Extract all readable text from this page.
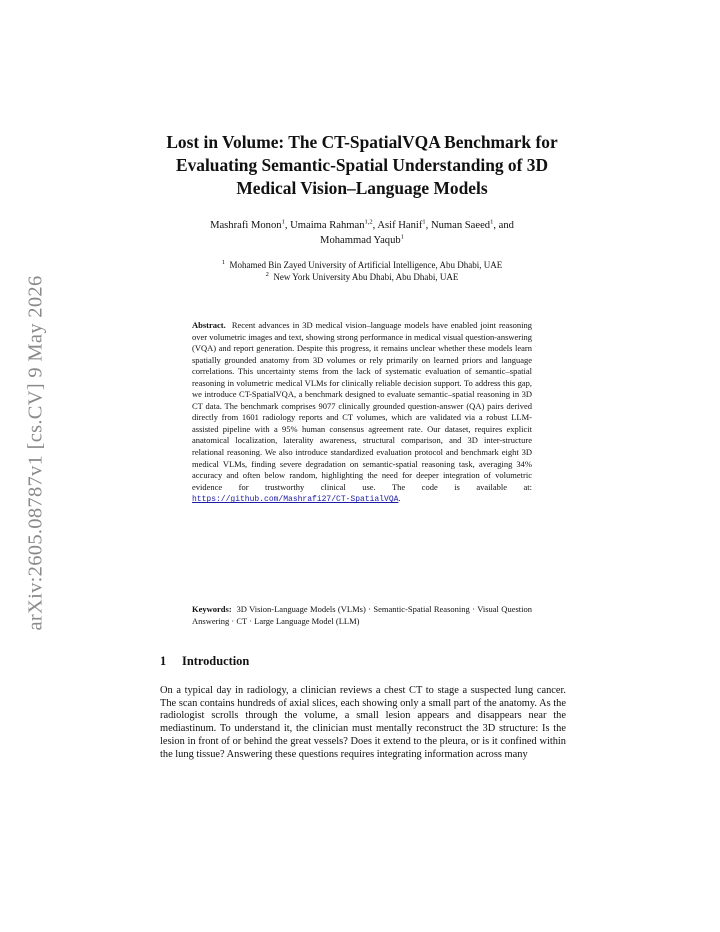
arXiv:2605.08787v1 [cs.CV] 9 May 2026
Lost in Volume: The CT-SpatialVQA Benchmark for Evaluating Semantic-Spatial Understanding of 3D Medical Vision–Language Models
Mashrafi Monon$^1$, Umaima Rahman$^{1,2}$, Asif Hanif$^1$, Numan Saeed$^1$, and
Mohammad Yaqub$^1$
$^1$ Mohamed Bin Zayed University of Artificial Intelligence, Abu Dhabi, UAE
$^2$ New York University Abu Dhabi, Abu Dhabi, UAE

Abstract. Recent advances in 3D medical vision–language models have enabled joint reasoning over volumetric images and text, showing strong performance in medical visual question-answering (VQA) and report generation. Despite this progress, it remains unclear whether these models learn spatially grounded anatomy from 3D volumes or rely primarily on learned priors and language correlations. This uncertainty stems from the lack of systematic evaluation of semantic–spatial reasoning in volumetric medical VLMs for clinically reliable decision support. To address this gap, we introduce CT-SpatialVQA, a benchmark designed to evaluate semantic–spatial reasoning in 3D CT data. The benchmark comprises 9077 clinically grounded question-answer (QA) pairs derived directly from 1601 radiology reports and CT volumes, which are validated via a robust LLM-assisted pipeline with a 95% human consensus agreement rate. Our dataset, requires explicit anatomical localization, laterality awareness, structural comparison, and 3D inter-structure relational reasoning. We also introduce standardized evaluation protocol and benchmark eight 3D medical VLMs, finding severe degradation on semantic-spatial reasoning task, averaging 34% accuracy and often below random, highlighting the need for deeper integration of volumetric evidence for trustworthy clinical use. The code is available at: https://github.com/Mashrafi27/CT-SpatialVQA.

Keywords: 3D Vision-Language Models (VLMs) · Semantic-Spatial Reasoning · Visual Question Answering · CT · Large Language Model (LLM)

1 Introduction

On a typical day in radiology, a clinician reviews a chest CT to stage a suspected lung cancer. The scan contains hundreds of axial slices, each showing only a small part of the anatomy. As the radiologist scrolls through the volume, a small lesion appears and disappears near the mediastinum. To understand it, the clinician must mentally reconstruct the 3D structure: Is the lesion in front of or behind the great vessels? Does it extend to the pleura, or is it confined within the lung tissue? Answering these questions requires integrating information across many
